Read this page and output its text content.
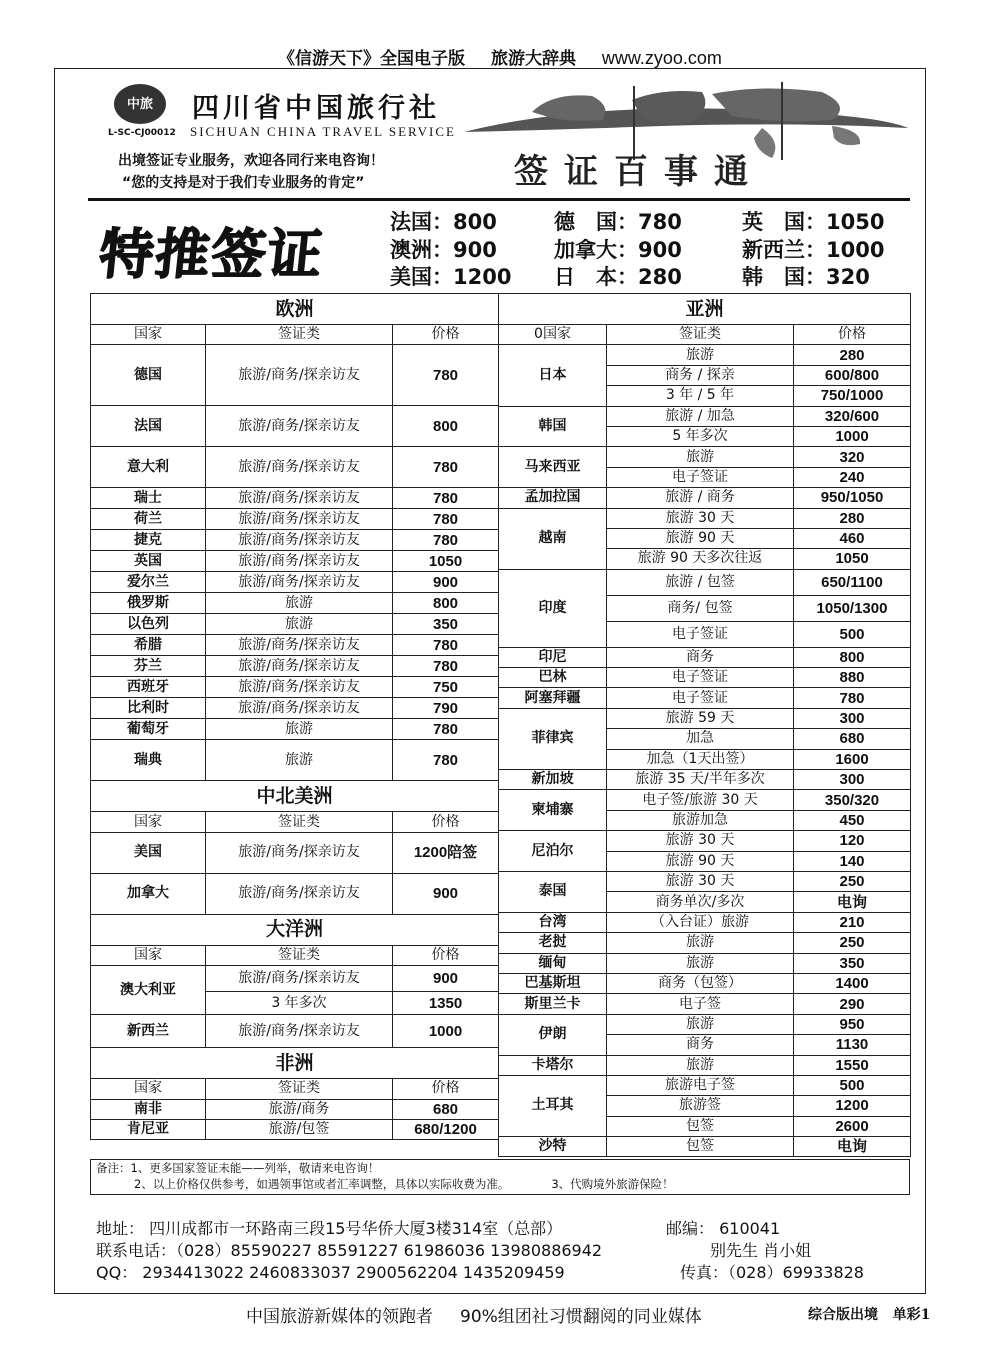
《信游天下》全国电子版 旅游大辞典 www.zyoo.com
中旅
L-SC-CJ00012
四川省中国旅行社
SICHUAN CHINA TRAVEL SERVICE
出境签证专业服务，欢迎各同行来电咨询！
“您的支持是对于我们专业服务的肯定”	签证百事通
特推签证
法国：800	德　国：780	英　国：1050
澳洲：900	加拿大：900	新西兰：1000
美国：1200 日　本：280	韩　国：320
欧洲		
国家	签证类	价格
德国	旅游/商务/探亲访友	780
法国	旅游/商务/探亲访友	800
意大利	旅游/商务/探亲访友	780
瑞士	旅游/商务/探亲访友	780
荷兰	旅游/商务/探亲访友	780
捷克	旅游/商务/探亲访友	780
英国	旅游/商务/探亲访友	1050
爱尔兰	旅游/商务/探亲访友	900
俄罗斯	旅游	800
以色列	旅游	350
希腊	旅游/商务/探亲访友	780
芬兰	旅游/商务/探亲访友	780
西班牙	旅游/商务/探亲访友	750
比利时	旅游/商务/探亲访友	790
葡萄牙	旅游	780
瑞典	旅游	780
中北美洲		
国家	签证类	价格
美国	旅游/商务/探亲访友	1200陪签
加拿大	旅游/商务/探亲访友	900
大洋洲		
国家	签证类	价格
澳大利亚	旅游/商务/探亲访友	900
	3 年多次	1350
新西兰	旅游/商务/探亲访友	1000
非洲		
国家	签证类	价格
南非	旅游/商务	680
肯尼亚	旅游/包签	680/1200
亚洲		
0国家	签证类	价格
日本	旅游	280
	商务 / 探亲	600/800
	3 年 / 5 年	750/1000
韩国	旅游 / 加急	320/600
	5 年多次	1000
马来西亚	旅游	320
	电子签证	240
孟加拉国	旅游 / 商务	950/1050
越南	旅游 30 天	280
	旅游 90 天	460
	旅游 90 天多次往返	1050
印度	旅游 / 包签	650/1100
	商务/ 包签	1050/1300
	电子签证	500
印尼	商务	800
巴林	电子签证	880
阿塞拜疆	电子签证	780
菲律宾	旅游 59 天	300
	加急	680
	加急（1天出签）	1600
新加坡	旅游 35 天/半年多次	300
柬埔寨	电子签/旅游 30 天	350/320
	旅游加急	450
尼泊尔	旅游 30 天	120
	旅游 90 天	140
泰国	旅游 30 天	250
	商务单次/多次	电询
台湾	（入台证）旅游	210
老挝	旅游	250
缅甸	旅游	350
巴基斯坦	商务（包签）	1400
斯里兰卡	电子签	290
伊朗	旅游	950
	商务	1130
卡塔尔	旅游	1550
土耳其	旅游电子签	500
	旅游签	1200
	包签	2600
沙特	包签	电询
备注：1、更多国家签证未能——列举，敬请来电咨询！
2、以上价格仅供参考，如遇领事馆或者汇率调整，具体以实际收费为准。	3、代购境外旅游保险！
地址： 四川成都市一环路南三段15号华侨大厦3楼314室（总部）	邮编： 610041
联系电话：（028）85590227 85591227 61986036 13980886942	别先生 肖小姐
QQ： 2934413022 2460833037 2900562204 1435209459	传真：（028）69933828
中国旅游新媒体的领跑者     90%组团社习惯翻阅的同业媒体	综合版出境   单彩1
